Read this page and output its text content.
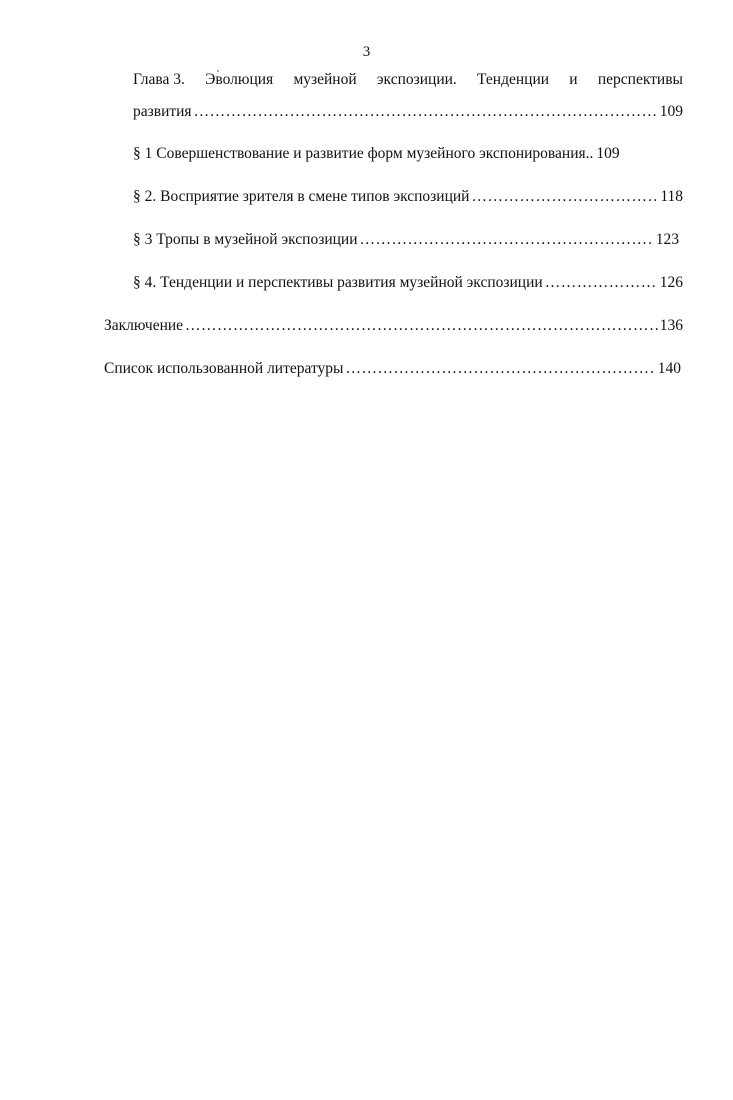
3
Глава 3. Эволюция музейной экспозиции. Тенденции и перспективы
развития …………………………………………………………………………………………………………………………………………………………………………………………	109
§ 1 Совершенствование и развитие форм музейного экспонирования.. 109
§ 2. Восприятие зрителя в смене типов экспозиций …………………………………………………………………………………………………………………………………………………………………………………………	118
§ 3 Тропы в музейной экспозиции …………………………………………………………………………………………………………………………………………………………………………………………	123
§ 4. Тенденции и перспективы развития музейной экспозиции …………………………………………………………………………………………………………………………………………………………………………………………	126
Заключение …………………………………………………………………………………………………………………………………………………………………………………………	136
Список использованной литературы …………………………………………………………………………………………………………………………………………………………………………………………	140
